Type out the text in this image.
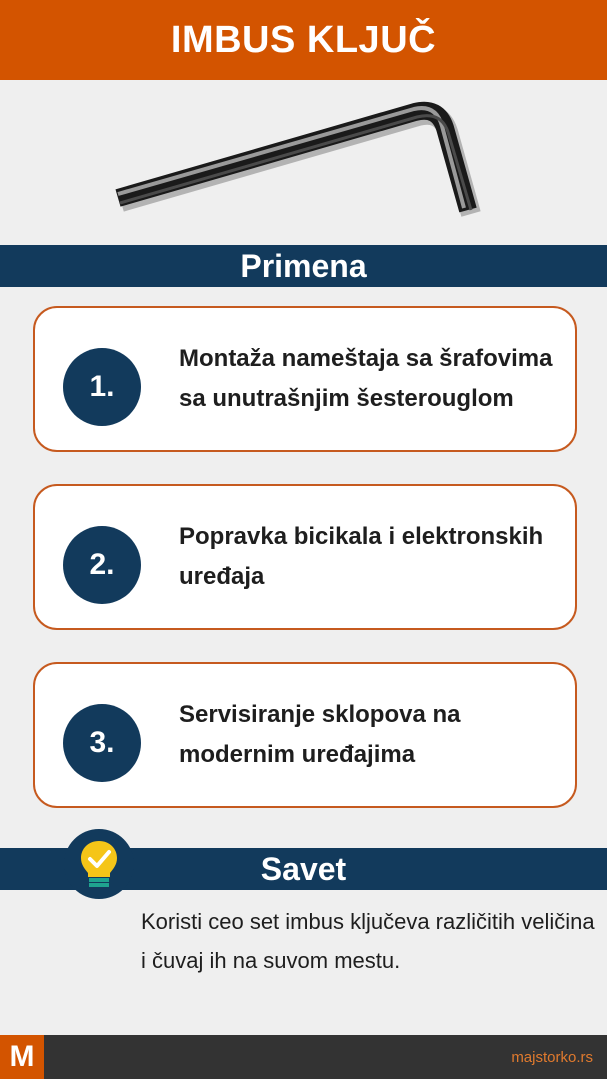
IMBUS KLJUČ
Primena
1.
Montaža nameštaja sa šrafovima sa unutrašnjim šesterouglom
2.
Popravka bicikala i elektronskih uređaja
3.
Servisiranje sklopova na modernim uređajima
Savet
Koristi ceo set imbus ključeva različitih veličina i čuvaj ih na suvom mestu.
M	majstorko.rs
